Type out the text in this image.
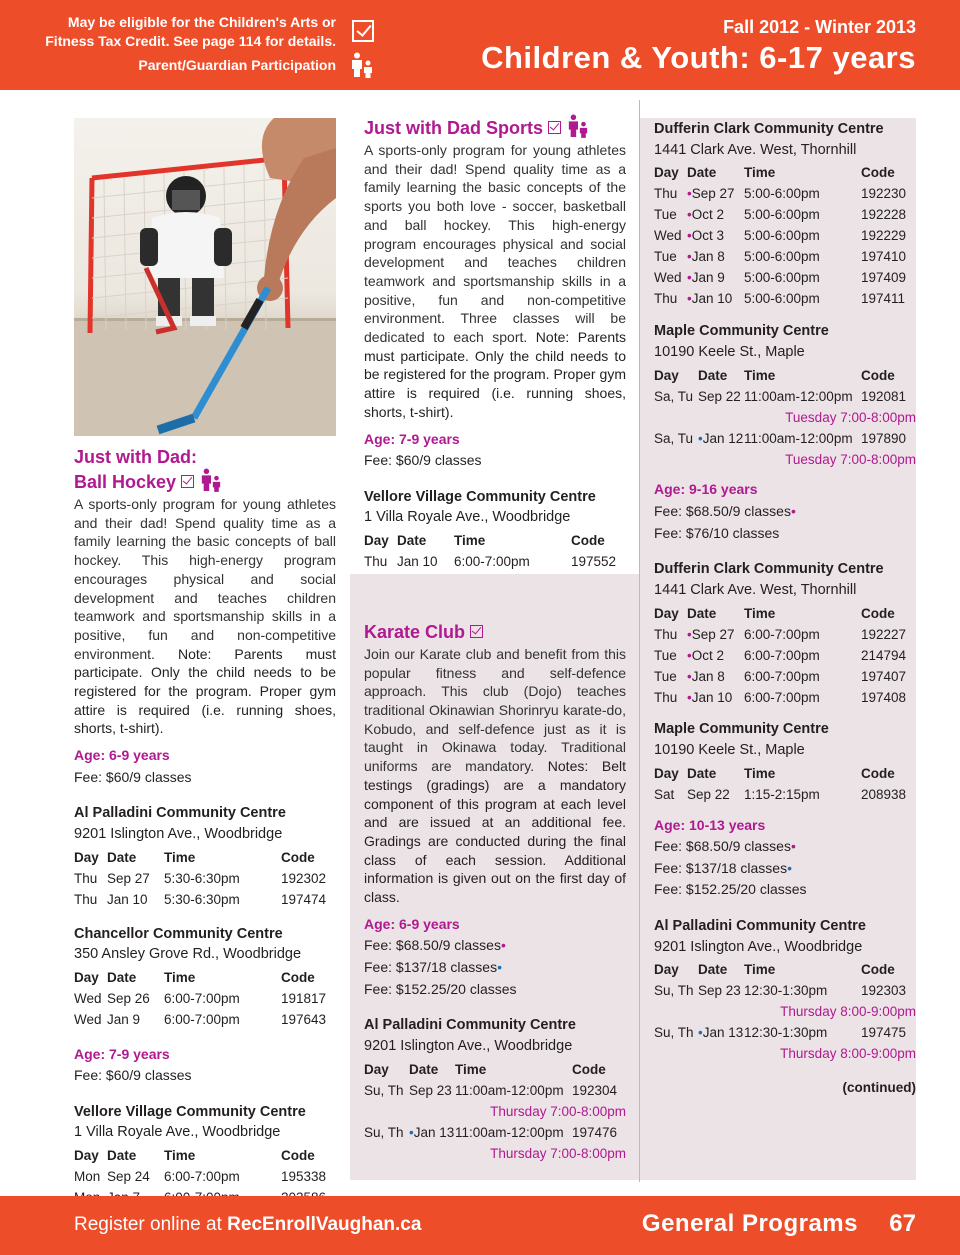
May be eligible for the Children's Arts or Fitness Tax Credit. See page 114 for details.
Parent/Guardian Participation
Fall 2012 - Winter 2013
Children & Youth: 6-17 years
Just with Dad:
Ball Hockey
A sports-only program for young athletes and their dad! Spend quality time as a family learning the basic concepts of ball hockey. This high-energy program encourages physical and social development and teaches children teamwork and sportsmanship skills in a positive, fun and non-competitive environment. Note: Parents must participate. Only the child needs to be registered for the program. Proper gym attire is required (i.e. running shoes, shorts, t-shirt).
Age: 6-9 years
Fee: $60/9 classes
Al Palladini Community Centre
9201 Islington Ave., Woodbridge
Day	Date	Time	Code
Thu	Sep 27	5:30-6:30pm	192302
Thu	Jan 10	5:30-6:30pm	197474
Chancellor Community Centre
350 Ansley Grove Rd., Woodbridge
Day	Date	Time	Code
Wed	Sep 26	6:00-7:00pm	191817
Wed	Jan 9	6:00-7:00pm	197643
Age: 7-9 years
Fee: $60/9 classes
Vellore Village Community Centre
1 Villa Royale Ave., Woodbridge
Day	Date	Time	Code
Mon	Sep 24	6:00-7:00pm	195338

Just with Dad Sports
A sports-only program for young athletes and their dad! Spend quality time as a family learning the basic concepts of the sports you both love - soccer, basketball and ball hockey. This high-energy program encourages physical and social development and teaches children teamwork and sportsmanship skills in a positive, fun and non-competitive environment. Three classes will be dedicated to each sport. Note: Parents must participate. Only the child needs to be registered for the program. Proper gym attire is required (i.e. running shoes, shorts, t-shirt).
Age: 7-9 years
Fee: $60/9 classes
Vellore Village Community Centre
1 Villa Royale Ave., Woodbridge
Day	Date	Time	Code
Thu	Jan 10	6:00-7:00pm	197552
Karate Club
Join our Karate club and benefit from this popular fitness and self-defence approach. This club (Dojo) teaches traditional Okinawian Shorinryu karate-do, Kobudo, and self-defence just as it is taught in Okinawa today. Traditional uniforms are mandatory. Notes: Belt testings (gradings) are a mandatory component of this program at each level and are issued at an additional fee. Gradings are conducted during the final class of each session. Additional information is given out on the first day of class.
Age: 6-9 years
Fee: $68.50/9 classes•
Fee: $137/18 classes•
Fee: $152.25/20 classes
Al Palladini Community Centre
9201 Islington Ave., Woodbridge
Day	Date	Time	Code
Su, Th	Sep 23	11:00am-12:00pm	192304
Thursday 7:00-8:00pm			
Su, Th	•Jan 13	11:00am-12:00pm	197476
Thursday 7:00-8:00pm			
Dufferin Clark Community Centre
1441 Clark Ave. West, Thornhill
Day	Date	Time	Code
Thu	•Sep 27	5:00-6:00pm	192230
Tue	•Oct 2	5:00-6:00pm	192228
Wed	•Oct 3	5:00-6:00pm	192229
Tue	•Jan 8	5:00-6:00pm	197410
Wed	•Jan 9	5:00-6:00pm	197409
Thu	•Jan 10	5:00-6:00pm	197411
Maple Community Centre
10190 Keele St., Maple
Day	Date	Time	Code
Sa, Tu	Sep 22	11:00am-12:00pm	192081
Tuesday 7:00-8:00pm			
Sa, Tu	•Jan 12	11:00am-12:00pm	197890
Tuesday 7:00-8:00pm			
Age: 9-16 years
Fee: $68.50/9 classes•
Fee: $76/10 classes
Dufferin Clark Community Centre
1441 Clark Ave. West, Thornhill
Day	Date	Time	Code
Thu	•Sep 27	6:00-7:00pm	192227
Tue	•Oct 2	6:00-7:00pm	214794
Tue	•Jan 8	6:00-7:00pm	197407
Thu	•Jan 10	6:00-7:00pm	197408
Maple Community Centre
10190 Keele St., Maple
Day	Date	Time	Code
Sat	Sep 22	1:15-2:15pm	208938
Age: 10-13 years
Fee: $68.50/9 classes•
Fee: $137/18 classes•
Fee: $152.25/20 classes
Al Palladini Community Centre
9201 Islington Ave., Woodbridge
Day	Date	Time	Code
Su, Th	Sep 23	12:30-1:30pm	192303
Thursday 8:00-9:00pm			
Su, Th	•Jan 13	12:30-1:30pm	197475
Thursday 8:00-9:00pm			
(continued)
Register online at RecEnrollVaughan.ca	General Programs 67
